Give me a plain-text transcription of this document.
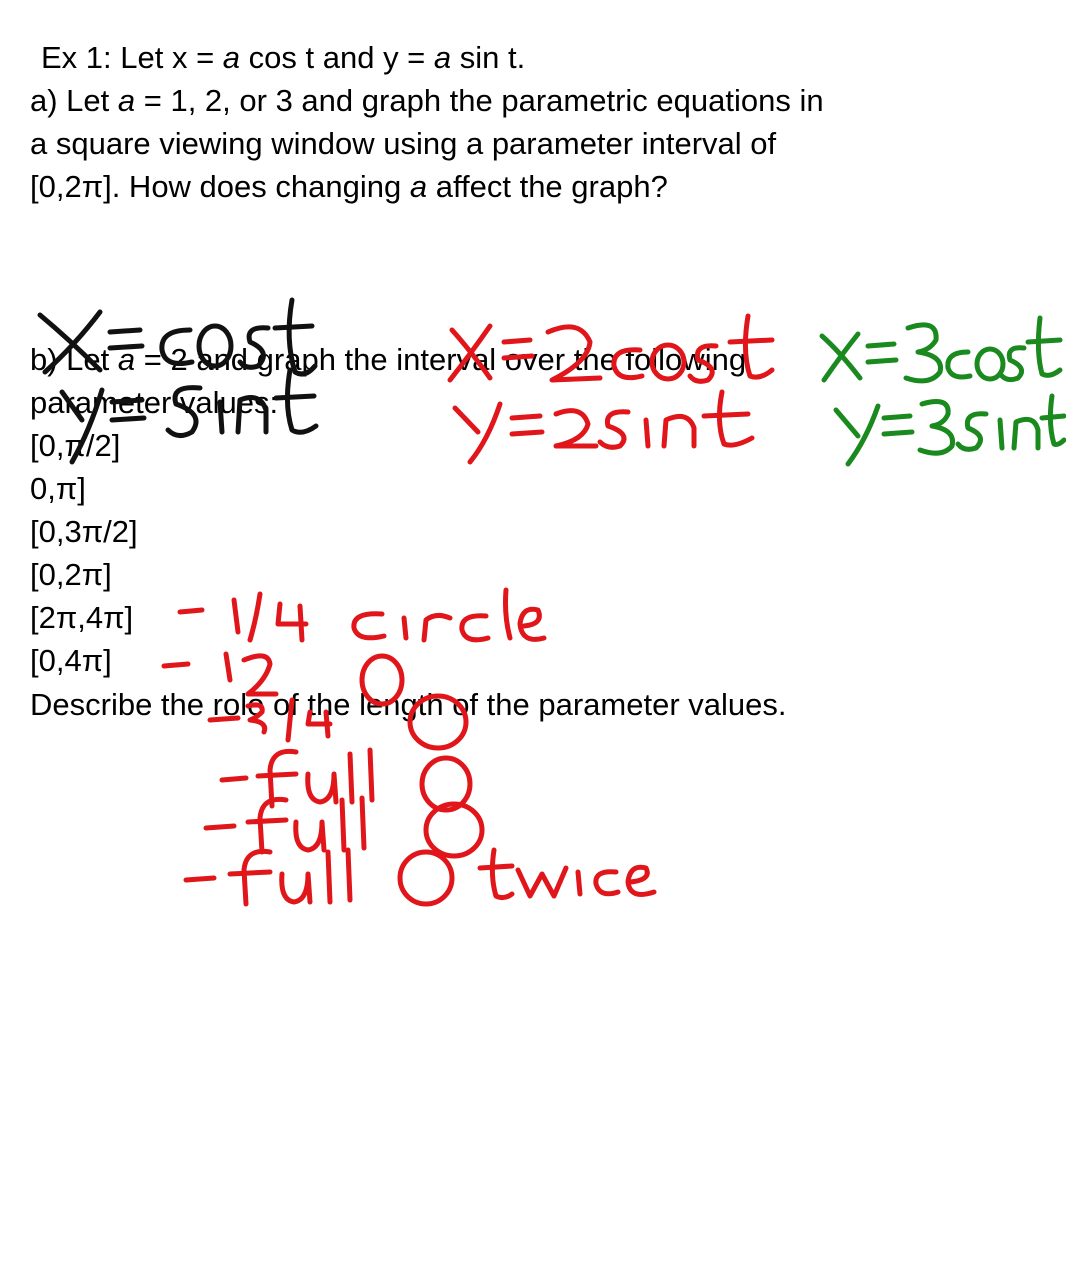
Ex 1: Let x = a cos t and y = a sin t.

a) Let a = 1, 2, or 3 and graph the parametric equations in

a square viewing window using a parameter interval of

[0,2π]. How does changing a affect the graph?

b) Let a = 2 and graph the interval over the following

parameter values:

[0,π/2]

0,π]

[0,3π/2]

[0,2π]

[2π,4π]

[0,4π]

Describe the role of the length of the parameter values.
